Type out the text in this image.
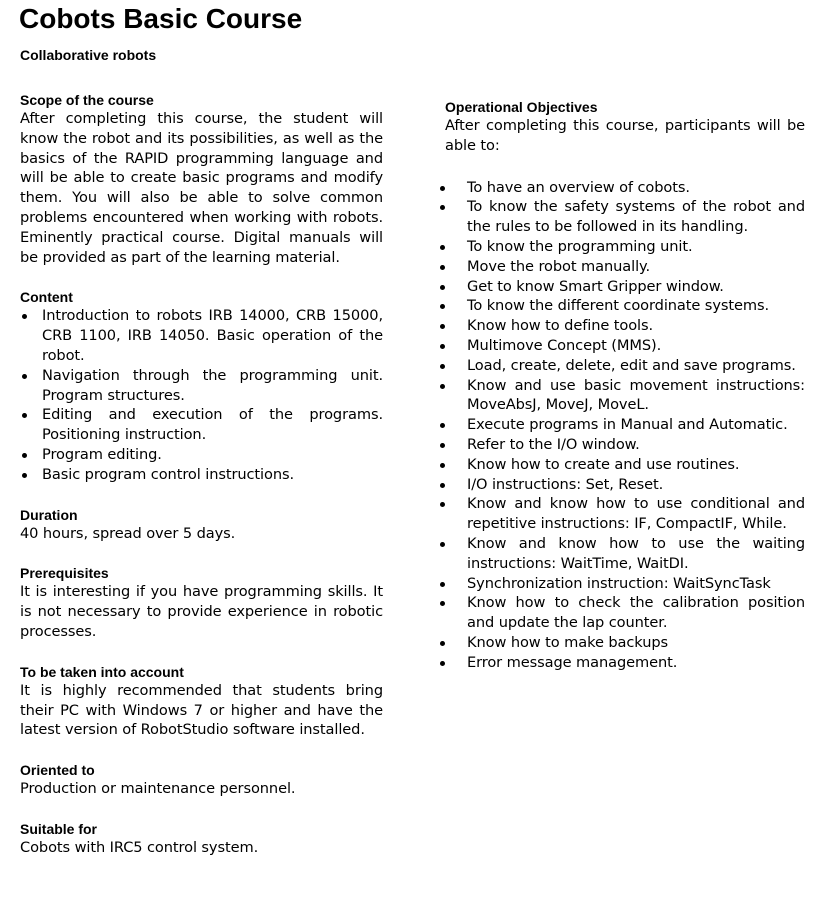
Cobots Basic Course
Collaborative robots
Scope of the course

After completing this course, the student will know the robot and its possibilities, as well as the basics of the RAPID programming language and will be able to create basic programs and modify them. You will also be able to solve common problems encountered when working with robots. Eminently practical course. Digital manuals will be provided as part of the learning material.

Content
Introduction to robots IRB 14000, CRB 15000, CRB 1100, IRB 14050. Basic operation of the robot.
Navigation through the programming unit. Program structures.
Editing and execution of the programs. Positioning instruction.
Program editing.
Basic program control instructions.
Duration

40 hours, spread over 5 days.

Prerequisites

It is interesting if you have programming skills. It is not necessary to provide experience in robotic processes.

To be taken into account

It is highly recommended that students bring their PC with Windows 7 or higher and have the latest version of RobotStudio software installed.

Oriented to

Production or maintenance personnel.

Suitable for

Cobots with IRC5 control system.

Operational Objectives

After completing this course, participants will be able to:

To have an overview of cobots.
To know the safety systems of the robot and the rules to be followed in its handling.
To know the programming unit.
Move the robot manually.
Get to know Smart Gripper window.
To know the different coordinate systems.
Know how to define tools.
Multimove Concept (MMS).
Load, create, delete, edit and save programs.
Know and use basic movement instructions: MoveAbsJ, MoveJ, MoveL.
Execute programs in Manual and Automatic.
Refer to the I/O window.
Know how to create and use routines.
I/O instructions: Set, Reset.
Know and know how to use conditional and repetitive instructions: IF, CompactIF, While.
Know and know how to use the waiting instructions: WaitTime, WaitDI.
Synchronization instruction: WaitSyncTask
Know how to check the calibration position and update the lap counter.
Know how to make backups
Error message management.
